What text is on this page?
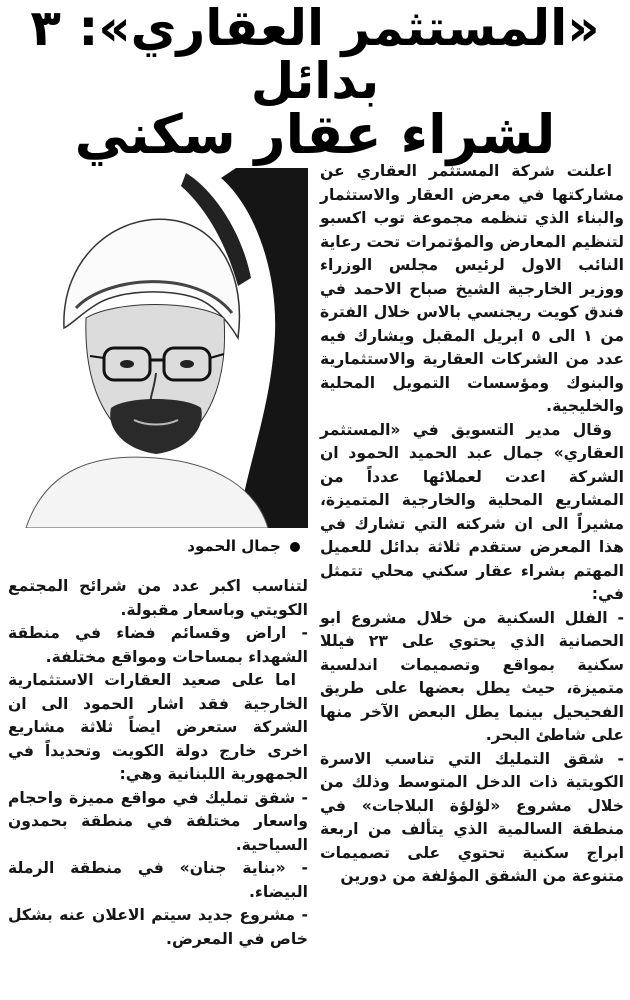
«المستثمر العقاري»: ٣ بدائل
لشراء عقار سكني
جمال الحمود

اعلنت شركة المستثمر العقاري عن مشاركتها في معرض العقار والاستثمار والبناء الذي تنظمه مجموعة توب اكسبو لتنظيم المعارض والمؤتمرات تحت رعاية النائب الاول لرئيس مجلس الوزراء ووزير الخارجية الشيخ صباح الاحمد في فندق كويت ريجنسي بالاس خلال الفترة من ١ الى ٥ ابريل المقبل ويشارك فيه عدد من الشركات العقارية والاستثمارية والبنوك ومؤسسات التمويل المحلية والخليجية.

وقال مدير التسويق في «المستثمر العقاري» جمال عبد الحميد الحمود ان الشركة اعدت لعملائها عدداً من المشاريع المحلية والخارجية المتميزة، مشيراً الى ان شركته التي تشارك في هذا المعرض ستقدم ثلاثة بدائل للعميل المهتم بشراء عقار سكني محلي تتمثل في:

- الفلل السكنية من خلال مشروع ابو الحصانية الذي يحتوي على ٢٣ فيللا سكنية بمواقع وتصميمات اندلسية متميزة، حيث يطل بعضها على طريق الفحيحيل بينما يطل البعض الآخر منها على شاطئ البحر.

- شقق التمليك التي تناسب الاسرة الكويتية ذات الدخل المتوسط وذلك من خلال مشروع «لؤلؤة البلاجات» في منطقة السالمية الذي يتألف من اربعة ابراج سكنية تحتوي على تصميمات متنوعة من الشقق المؤلفة من دورين

لتناسب اكبر عدد من شرائح المجتمع الكويتي وباسعار مقبولة.

- اراض وقسائم فضاء في منطقة الشهداء بمساحات ومواقع مختلفة.

اما على صعيد العقارات الاستثمارية الخارجية فقد اشار الحمود الى ان الشركة ستعرض ايضاً ثلاثة مشاريع اخرى خارج دولة الكويت وتحديداً في الجمهورية اللبنانية وهي:

- شقق تمليك في مواقع مميزة واحجام واسعار مختلفة في منطقة بحمدون السياحية.

- «بناية جنان» في منطقة الرملة البيضاء.

- مشروع جديد سيتم الاعلان عنه بشكل خاص في المعرض.
